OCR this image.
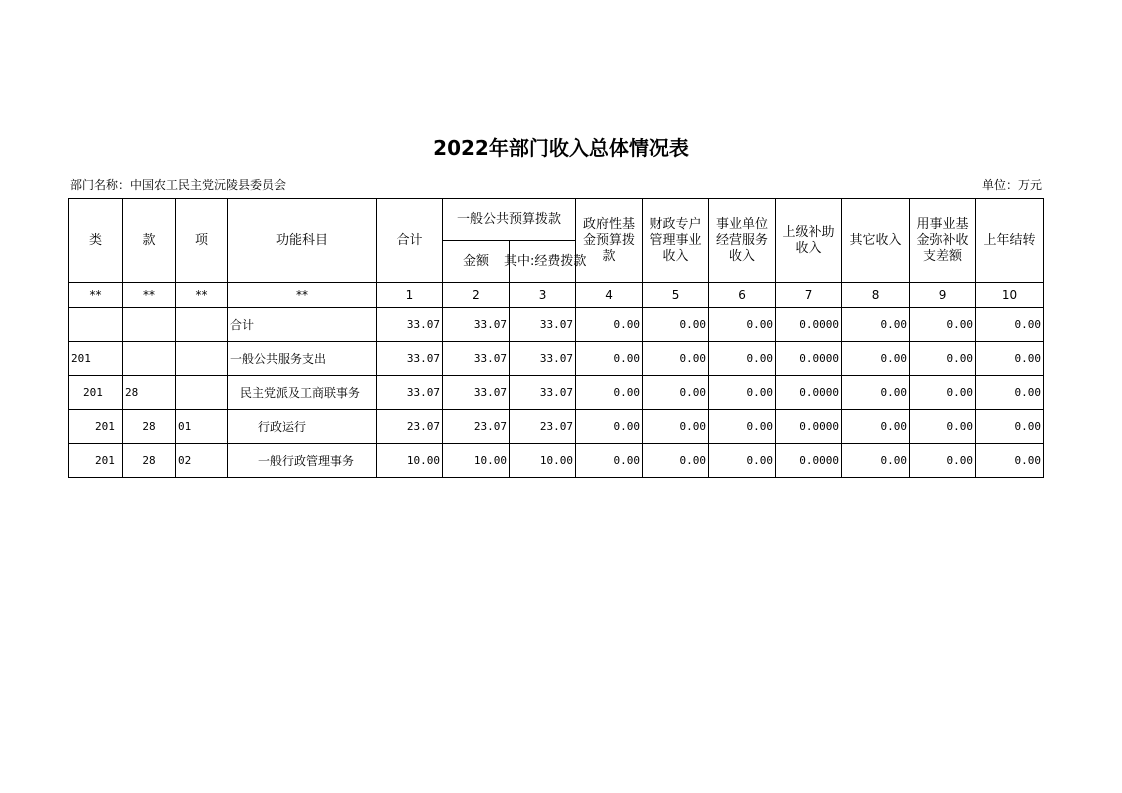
2022年部门收入总体情况表
部门名称：中国农工民主党沅陵县委员会	单位：万元
类	款	项	功能科目	合计	一般公共预算拨款		政府性基金预算拨款	财政专户管理事业收入	事业单位经营服务收入	上级补助收入	其它收入	用事业基金弥补收支差额	上年结转
					金额	其中:经费拨款							
**	**	**	**	1	2	3	4	5	6	7	8	9	10
			合计	33.07	33.07	33.07	0.00	0.00	0.00	0.0000	0.00	0.00	0.00
201			一般公共服务支出	33.07	33.07	33.07	0.00	0.00	0.00	0.0000	0.00	0.00	0.00
201	28		民主党派及工商联事务	33.07	33.07	33.07	0.00	0.00	0.00	0.0000	0.00	0.00	0.00
201	28	01	行政运行	23.07	23.07	23.07	0.00	0.00	0.00	0.0000	0.00	0.00	0.00
201	28	02	一般行政管理事务	10.00	10.00	10.00	0.00	0.00	0.00	0.0000	0.00	0.00	0.00
